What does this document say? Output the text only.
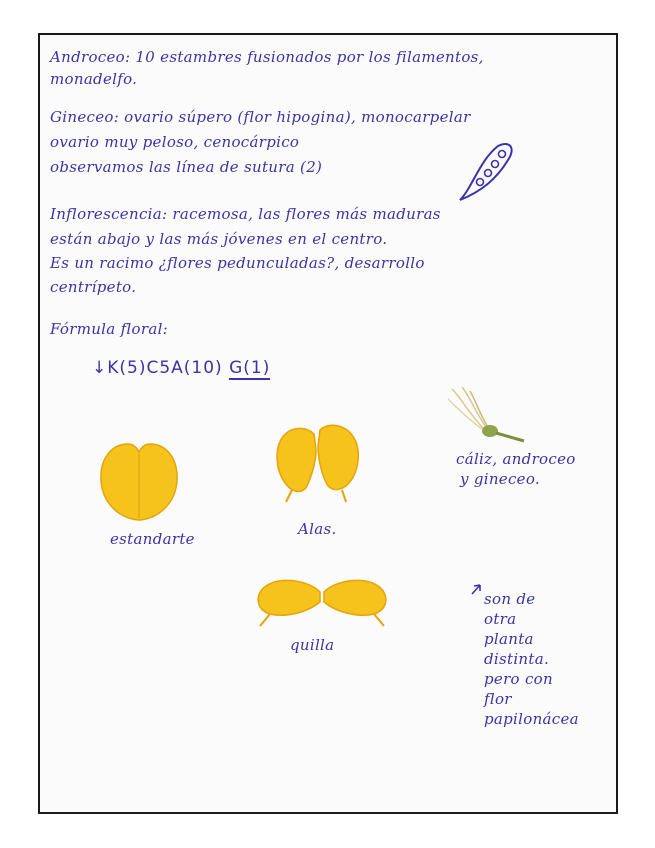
Androceo: 10 estambres fusionados por los filamentos,
monadelfo.
Gineceo: ovario súpero (flor hipogina), monocarpelar
ovario muy peloso, cenocárpico
observamos las línea de sutura (2)
Inflorescencia: racemosa, las flores más maduras
están abajo y las más jóvenes en el centro.
Es un racimo ¿flores pedunculadas?, desarrollo
centrípeto.
Fórmula floral:
↓K(5)C5A(10) G(1)
estandarte
Alas.
cáliz, androceo
y gineceo.
quilla
son de
otra
planta
distinta.
pero con
flor
papilonácea
